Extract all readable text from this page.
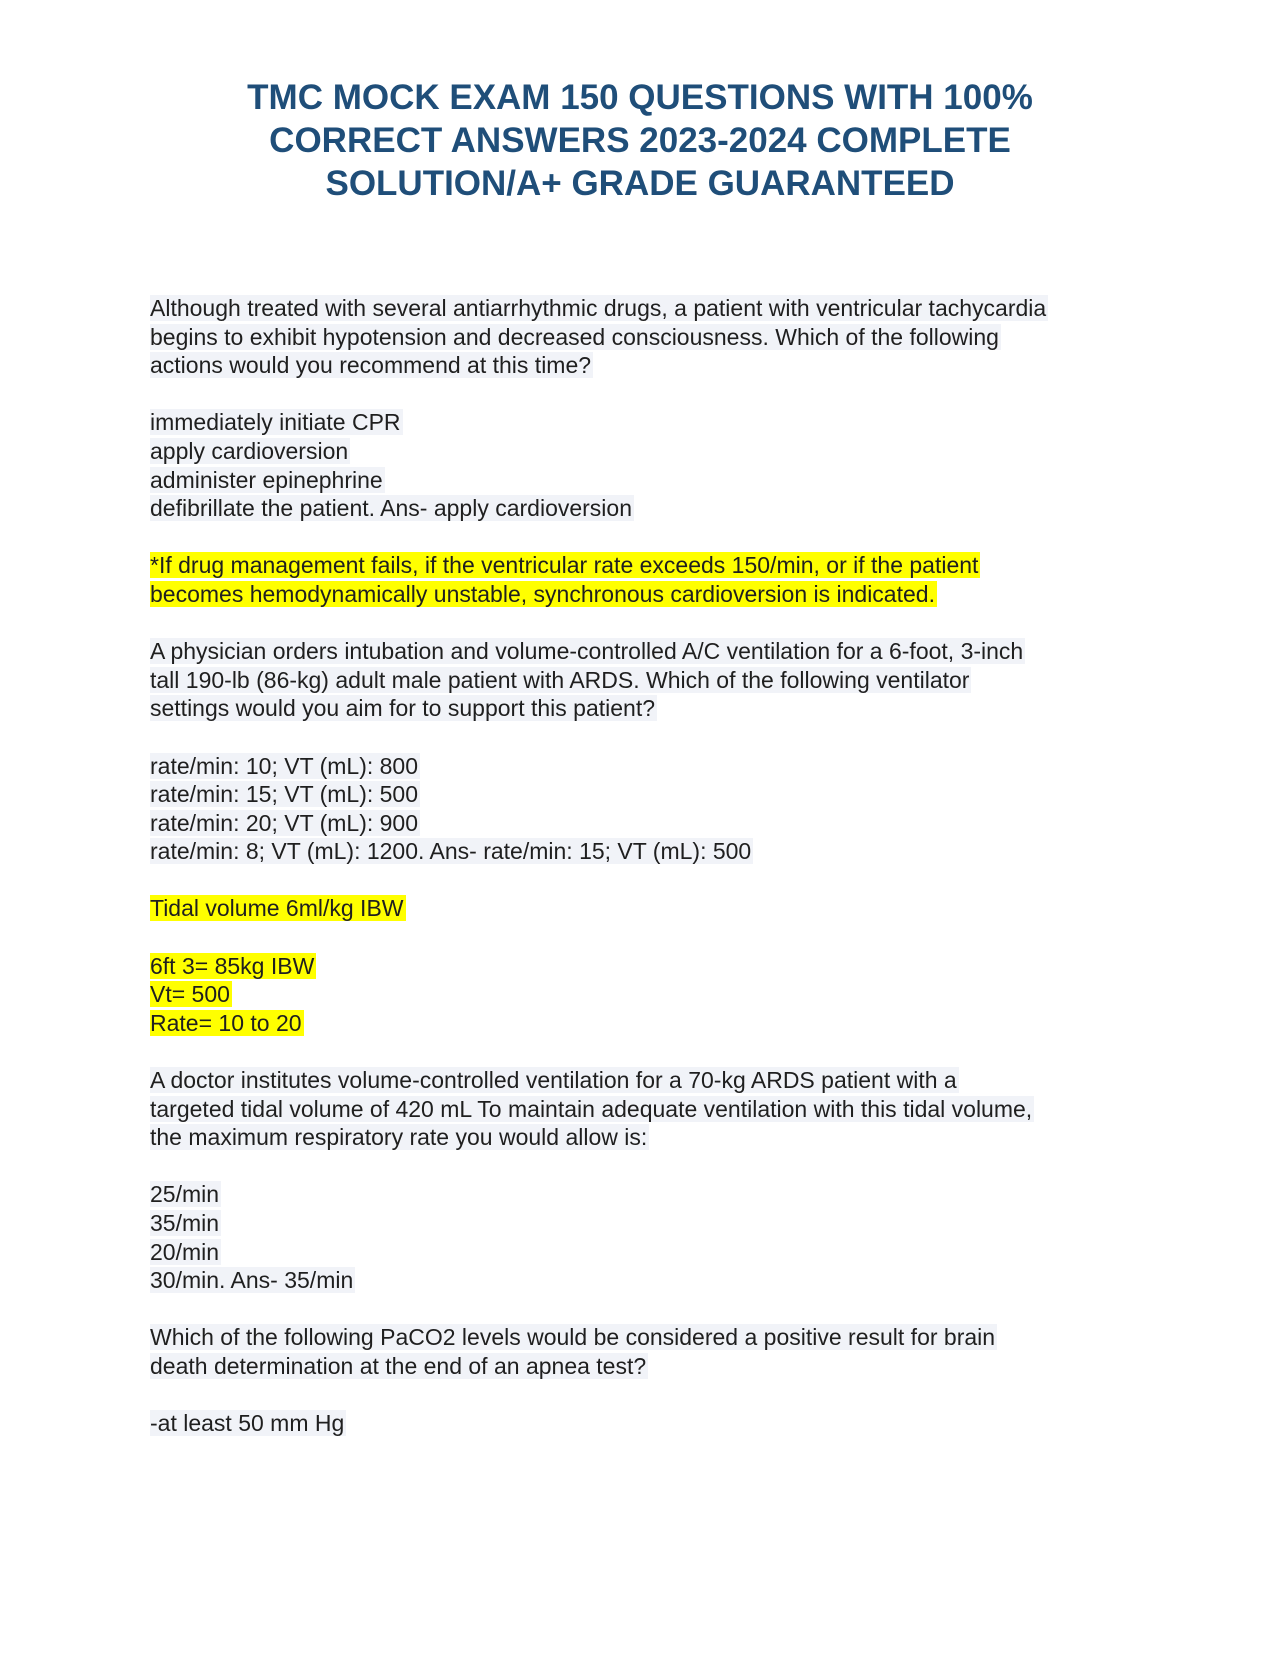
TMC MOCK EXAM 150 QUESTIONS WITH 100%
CORRECT ANSWERS 2023-2024 COMPLETE
SOLUTION/A+ GRADE GUARANTEED
Although treated with several antiarrhythmic drugs, a patient with ventricular tachycardia
begins to exhibit hypotension and decreased consciousness. Which of the following
actions would you recommend at this time?
immediately initiate CPR
apply cardioversion
administer epinephrine
defibrillate the patient. Ans- apply cardioversion
*If drug management fails, if the ventricular rate exceeds 150/min, or if the patient
becomes hemodynamically unstable, synchronous cardioversion is indicated.
A physician orders intubation and volume-controlled A/C ventilation for a 6-foot, 3-inch
tall 190-lb (86-kg) adult male patient with ARDS. Which of the following ventilator
settings would you aim for to support this patient?
rate/min: 10; VT (mL): 800
rate/min: 15; VT (mL): 500
rate/min: 20; VT (mL): 900
rate/min: 8; VT (mL): 1200. Ans- rate/min: 15; VT (mL): 500
Tidal volume 6ml/kg IBW
6ft 3= 85kg IBW
Vt= 500
Rate= 10 to 20
A doctor institutes volume-controlled ventilation for a 70-kg ARDS patient with a
targeted tidal volume of 420 mL To maintain adequate ventilation with this tidal volume,
the maximum respiratory rate you would allow is:
25/min
35/min
20/min
30/min. Ans- 35/min
Which of the following PaCO2 levels would be considered a positive result for brain
death determination at the end of an apnea test?
-at least 50 mm Hg
